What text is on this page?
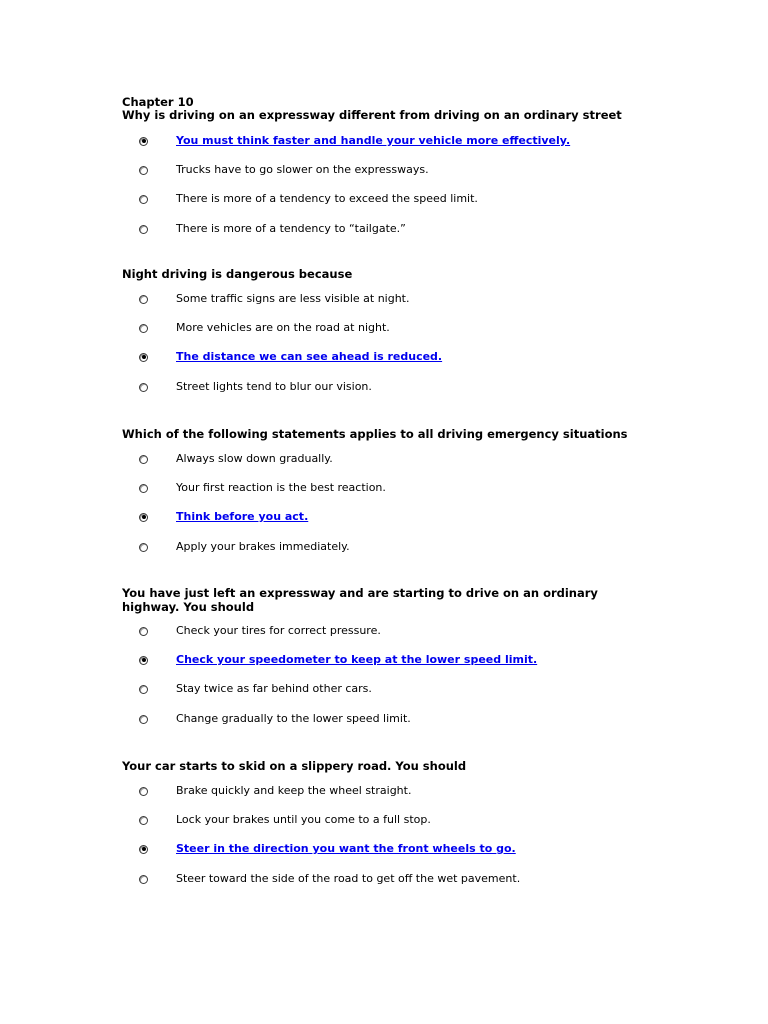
Chapter 10
Why is driving on an expressway different from driving on an ordinary street
You must think faster and handle your vehicle more effectively.
Trucks have to go slower on the expressways.
There is more of a tendency to exceed the speed limit.
There is more of a tendency to “tailgate.”
Night driving is dangerous because
Some traffic signs are less visible at night.
More vehicles are on the road at night.
The distance we can see ahead is reduced.
Street lights tend to blur our vision.
Which of the following statements applies to all driving emergency situations
Always slow down gradually.
Your first reaction is the best reaction.
Think before you act.
Apply your brakes immediately.
You have just left an expressway and are starting to drive on an ordinary highway. You should
Check your tires for correct pressure.
Check your speedometer to keep at the lower speed limit.
Stay twice as far behind other cars.
Change gradually to the lower speed limit.
Your car starts to skid on a slippery road. You should
Brake quickly and keep the wheel straight.
Lock your brakes until you come to a full stop.
Steer in the direction you want the front wheels to go.
Steer toward the side of the road to get off the wet pavement.
